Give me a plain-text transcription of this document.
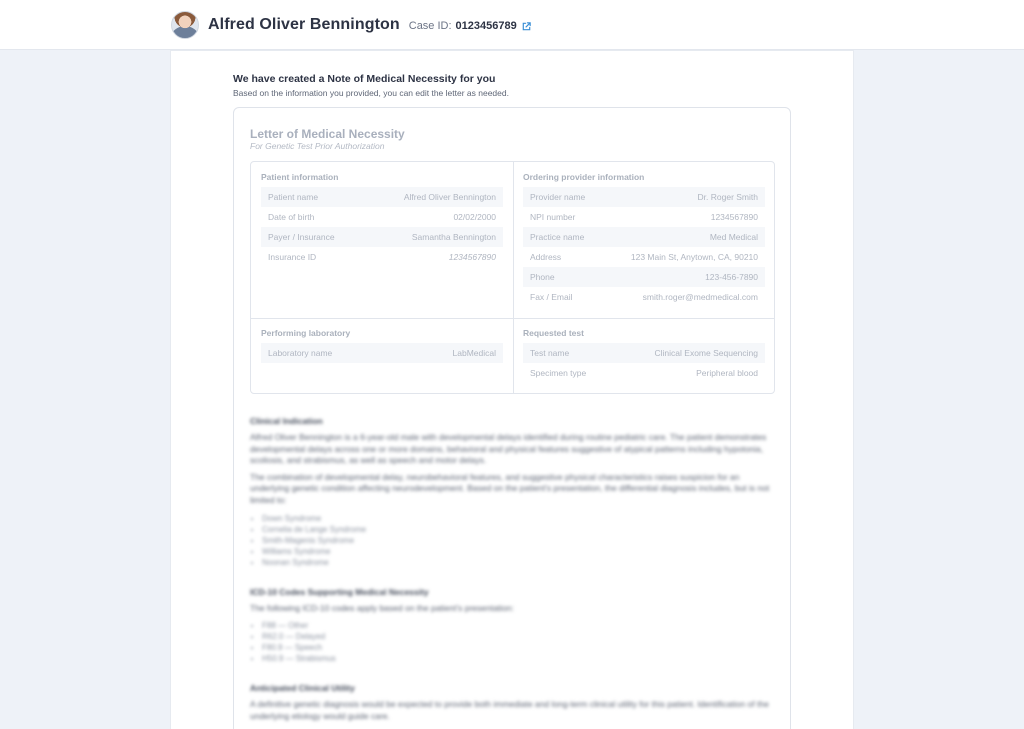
Alfred Oliver Bennington Case ID: 0123456789
We have created a Note of Medical Necessity for you
Based on the information you provided, you can edit the letter as needed.
Letter of Medical Necessity
For Genetic Test Prior Authorization
Patient information
Patient name	Alfred Oliver Bennington
Date of birth	02/02/2000
Payer / Insurance	Samantha Bennington
Insurance ID	1234567890
Ordering provider information
Provider name	Dr. Roger Smith
NPI number	1234567890
Practice name	Med Medical
Address	123 Main St, Anytown, CA, 90210
Phone	123-456-7890
Fax / Email	smith.roger@medmedical.com
Performing laboratory
Laboratory name	LabMedical
Requested test
Test name	Clinical Exome Sequencing
Specimen type	Peripheral blood
Clinical Indication
Alfred Oliver Bennington is a 6-year-old male with developmental delays identified during routine pediatric care. The patient demonstrates developmental delays across one or more domains, behavioral and physical features suggestive of atypical patterns including hypotonia, scoliosis, and strabismus, as well as speech and motor delays.
The combination of developmental delay, neurobehavioral features, and suggestive physical characteristics raises suspicion for an underlying genetic condition affecting neurodevelopment. Based on the patient's presentation, the differential diagnosis includes, but is not limited to:
• Down Syndrome
• Cornelia de Lange Syndrome
• Smith-Magenis Syndrome
• Williams Syndrome
• Noonan Syndrome
ICD-10 Codes Supporting Medical Necessity
The following ICD-10 codes apply based on the patient's presentation:
• F88 — Other
• R62.0 — Delayed
• F80.9 — Speech
• H50.9 — Strabismus
Anticipated Clinical Utility
A definitive genetic diagnosis would be expected to provide both immediate and long-term clinical utility for this patient. Identification of the underlying etiology would guide care.
